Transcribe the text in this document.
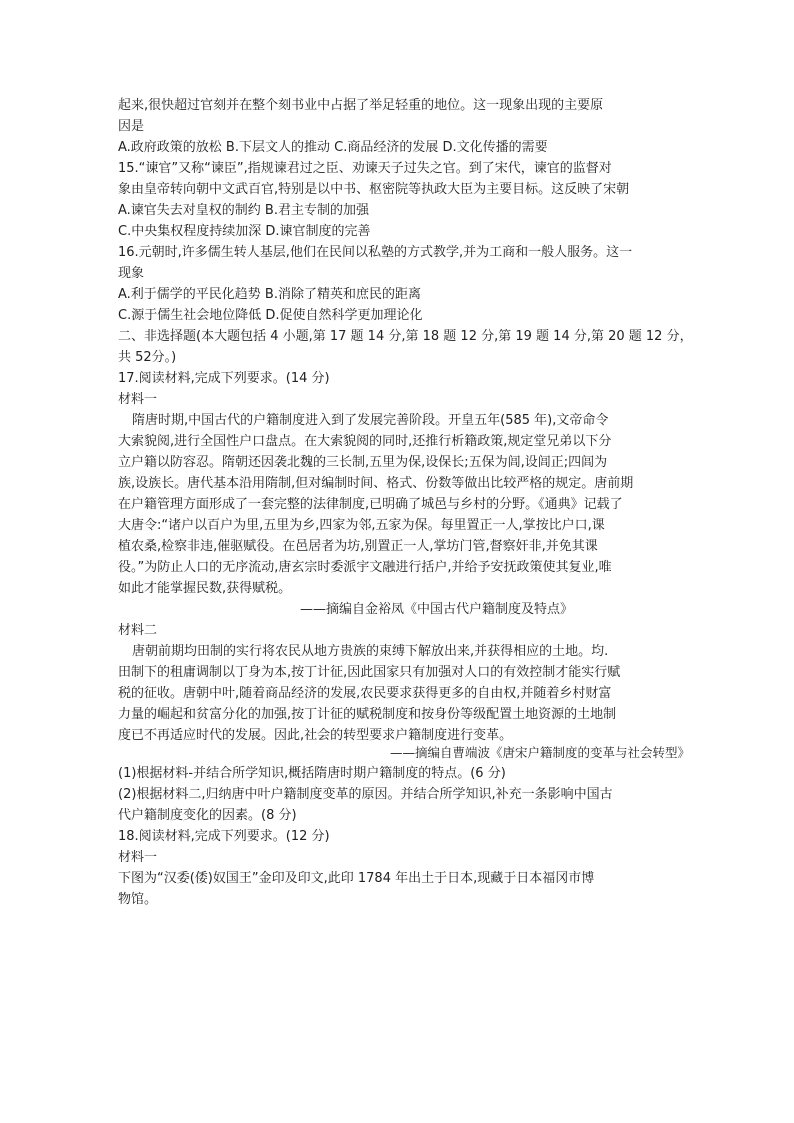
起来,很快超过官刻并在整个刻书业中占据了举足轻重的地位。这一现象出现的主要原
因是
A.政府政策的放松 B.下层文人的推动 C.商品经济的发展 D.文化传播的需要
15.“谏官”又称“谏臣”,指规谏君过之臣、劝谏天子过失之官。到了宋代，谏官的监督对
象由皇帝转向朝中文武百官,特别是以中书、枢密院等执政大臣为主要目标。这反映了宋朝
A.谏官失去对皇权的制约 B.君主专制的加强
C.中央集权程度持续加深 D.谏官制度的完善
16.元朝时,许多儒生转人基层,他们在民间以私塾的方式教学,并为工商和一般人服务。这一
现象
A.利于儒学的平民化趋势 B.消除了精英和庶民的距离
C.源于儒生社会地位降低 D.促使自然科学更加理论化
二、非选择题(本大题包括 4 小题,第 17 题 14 分,第 18 题 12 分,第 19 题 14 分,第 20 题 12 分，
共 52分。)
17.阅读材料,完成下列要求。(14 分)
材料一
隋唐时期,中国古代的户籍制度进入到了发展完善阶段。开皇五年(585 年),文帝命令
大索貌阅,进行全国性户口盘点。在大索貌阅的同时,还推行析籍政策,规定堂兄弟以下分
立户籍以防容忍。隋朝还因袭北魏的三长制,五里为保,设保长;五保为闾,设闾正;四闾为
族,设族长。唐代基本沿用隋制,但对编制时间、格式、份数等做出比较严格的规定。唐前期
在户籍管理方面形成了一套完整的法律制度,已明确了城邑与乡村的分野。《通典》记载了
大唐令:“诸户以百户为里,五里为乡,四家为邻,五家为保。每里置正一人,掌按比户口,课
植农桑,检察非违,催驱赋役。在邑居者为坊,别置正一人,掌坊门管,督察奸非,并免其课
役。”为防止人口的无序流动,唐玄宗时委派宇文融进行括户,并给予安抚政策使其复业,唯
如此才能掌握民数,获得赋税。
——摘编自金裕凤《中国古代户籍制度及特点》
材料二
唐朝前期均田制的实行将农民从地方贵族的束缚下解放出来,并获得相应的土地。均.
田制下的租庸调制以丁身为本,按丁计征,因此国家只有加强对人口的有效控制才能实行赋
税的征收。唐朝中叶,随着商品经济的发展,农民要求获得更多的自由权,并随着乡村财富
力量的崛起和贫富分化的加强,按丁计征的赋税制度和按身份等级配置土地资源的土地制
度已不再适应时代的发展。因此,社会的转型要求户籍制度进行变革。
——摘编自曹端波《唐宋户籍制度的变革与社会转型》
(1)根据材料-并结合所学知识,概括隋唐时期户籍制度的特点。(6 分)
(2)根据材料二,归纳唐中叶户籍制度变革的原因。并结合所学知识,补充一条影响中国古
代户籍制度变化的因素。(8 分)
18.阅读材料,完成下列要求。(12 分)
材料一
下图为“汉委(倭)奴国王”金印及印文,此印 1784 年出土于日本,现藏于日本福冈市博
物馆。
